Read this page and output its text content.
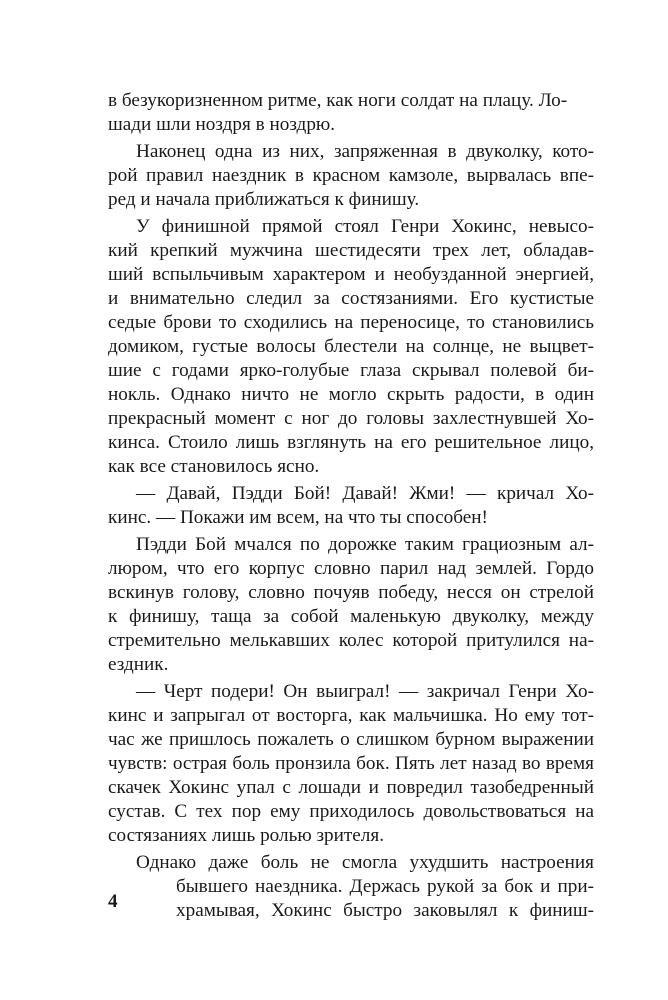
в безукоризненном ритме, как ноги солдат на плацу. Ло-
шади шли ноздря в ноздрю.
Наконец одна из них, запряженная в двуколку, кото-
рой правил наездник в красном камзоле, вырвалась впе-
ред и начала приближаться к финишу.
У финишной прямой стоял Генри Хокинс, невысо-
кий крепкий мужчина шестидесяти трех лет, обладав-
ший вспыльчивым характером и необузданной энергией,
и внимательно следил за состязаниями. Его кустистые
седые брови то сходились на переносице, то становились
домиком, густые волосы блестели на солнце, не выцвет-
шие с годами ярко-голубые глаза скрывал полевой би-
нокль. Однако ничто не могло скрыть радости, в один
прекрасный момент с ног до головы захлестнувшей Хо-
кинса. Стоило лишь взглянуть на его решительное лицо,
как все становилось ясно.
— Давай, Пэдди Бой! Давай! Жми! — кричал Хо-
кинс. — Покажи им всем, на что ты способен!
Пэдди Бой мчался по дорожке таким грациозным ал-
люром, что его корпус словно парил над землей. Гордо
вскинув голову, словно почуяв победу, несся он стрелой
к финишу, таща за собой маленькую двуколку, между
стремительно мелькавших колес которой притулился на-
ездник.
— Черт подери! Он выиграл! — закричал Генри Хо-
кинс и запрыгал от восторга, как мальчишка. Но ему тот-
час же пришлось пожалеть о слишком бурном выражении
чувств: острая боль пронзила бок. Пять лет назад во время
скачек Хокинс упал с лошади и повредил тазобедренный
сустав. С тех пор ему приходилось довольствоваться на
состязаниях лишь ролью зрителя.
Однако даже боль не смогла ухудшить настроения
бывшего наездника. Держась рукой за бок и при-
храмывая, Хокинс быстро заковылял к финиш-
4
